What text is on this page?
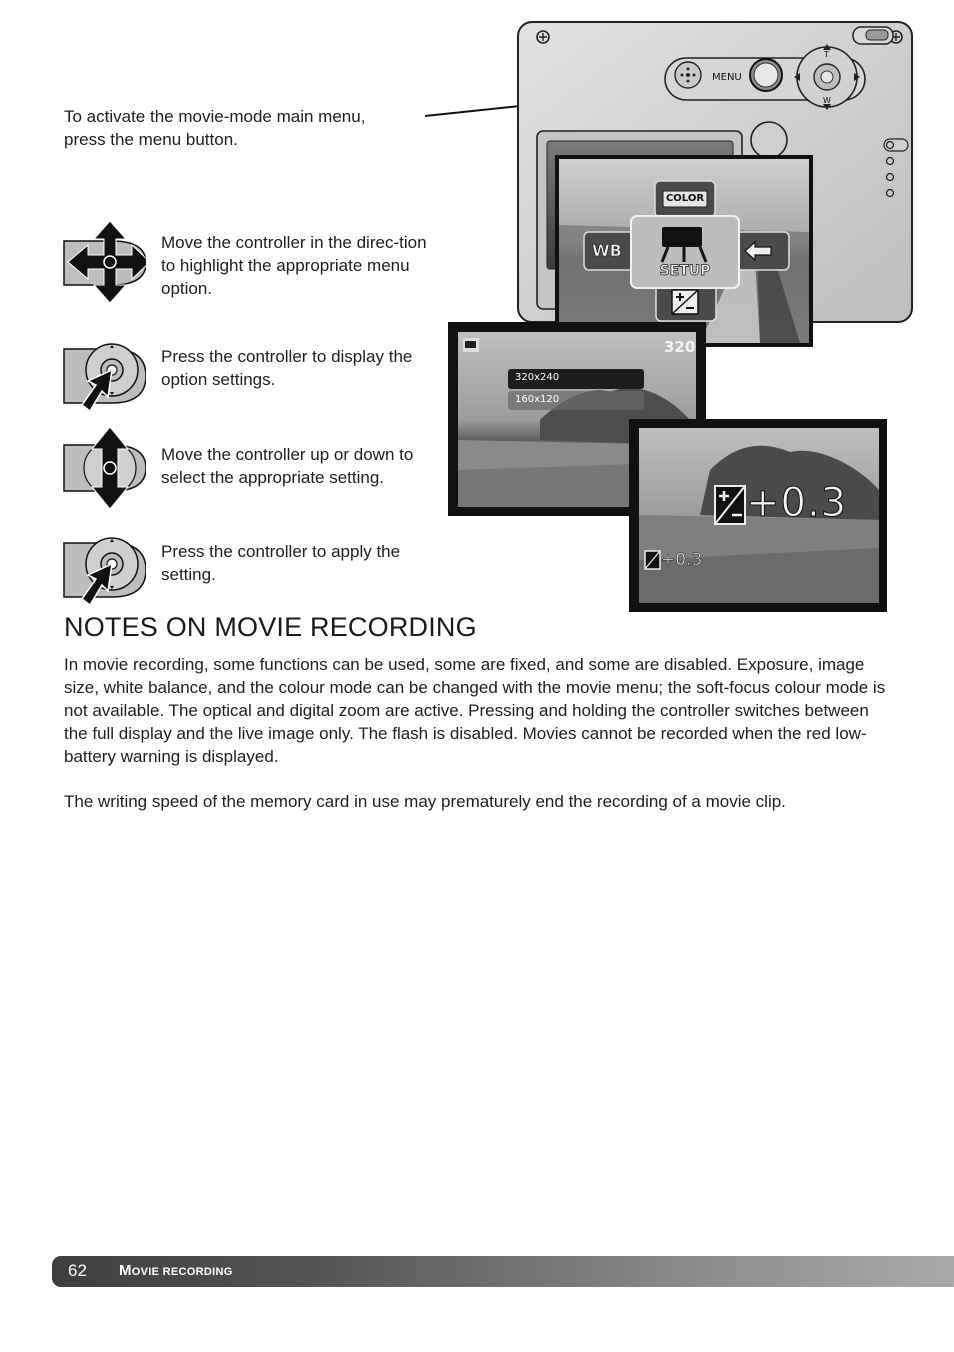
MENU
T
W
COLOR
WB
SETUP
320
320x240
160x120
+0.3
+0.3
To activate the movie-mode main menu, press the menu button.
Move the controller in the direc-tion to highlight the appropriate menu option.
Press the controller to display the option settings.
Move the controller up or down to select the appropriate setting.
Press the controller to apply the setting.
NOTES ON MOVIE RECORDING

In movie recording, some functions can be used, some are fixed, and some are disabled. Exposure, image size, white balance, and the colour mode can be changed with the movie menu; the soft-focus colour mode is not available. The optical and digital zoom are active. Pressing and holding the controller switches between the full display and the live image only. The flash is disabled. Movies cannot be recorded when the red low-battery warning is displayed.

The writing speed of the memory card in use may prematurely end the recording of a movie clip.

62 MOVIE RECORDING
